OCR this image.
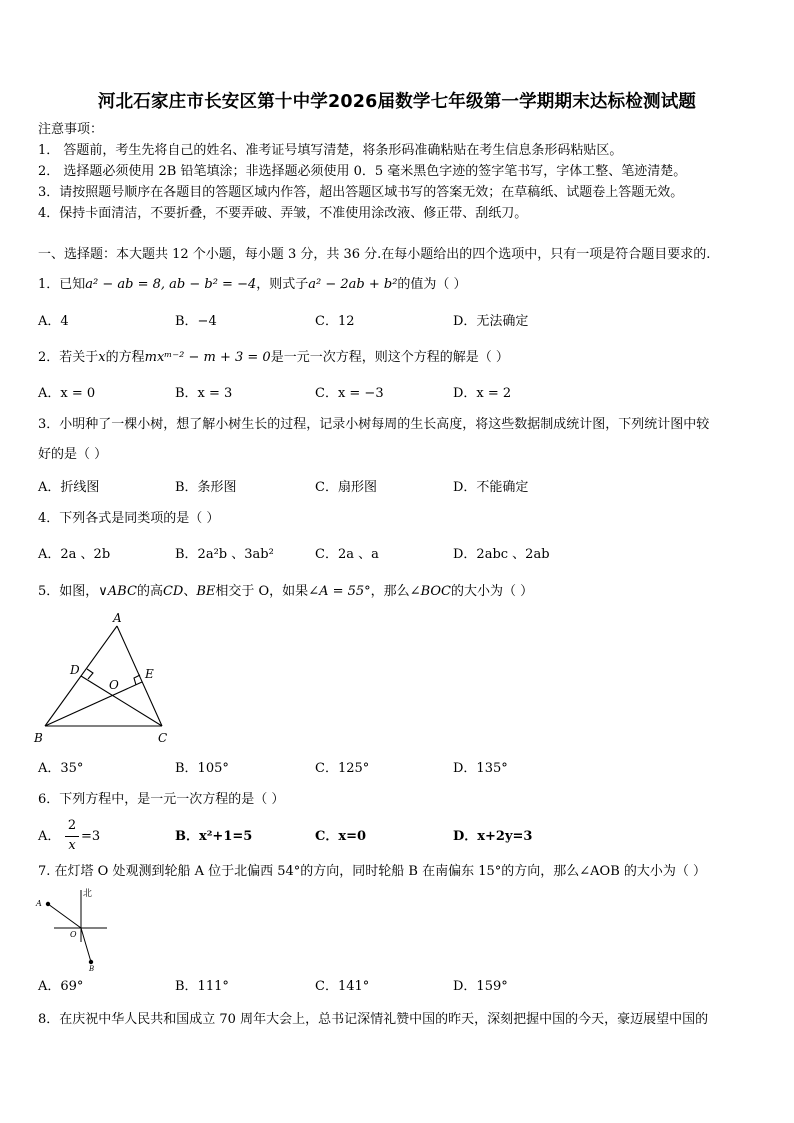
河北石家庄市长安区第十中学2026届数学七年级第一学期期末达标检测试题
注意事项：
1． 答题前，考生先将自己的姓名、准考证号填写清楚，将条形码准确粘贴在考生信息条形码粘贴区。
2． 选择题必须使用 2B 铅笔填涂；非选择题必须使用 0．5 毫米黑色字迹的签字笔书写，字体工整、笔迹清楚。
3．请按照题号顺序在各题目的答题区域内作答，超出答题区域书写的答案无效；在草稿纸、试题卷上答题无效。
4．保持卡面清洁，不要折叠，不要弄破、弄皱，不准使用涂改液、修正带、刮纸刀。
一、选择题：本大题共 12 个小题，每小题 3 分，共 36 分.在每小题给出的四个选项中，只有一项是符合题目要求的.
1．已知a² − ab = 8, ab − b² = −4，则式子a² − 2ab + b²的值为（ ）
A．4	B．−4	C．12	D．无法确定
2．若关于x的方程mxᵐ⁻² − m + 3 = 0是一元一次方程，则这个方程的解是（ ）
A．x = 0	B．x = 3	C．x = −3	D．x = 2
3．小明种了一棵小树，想了解小树生长的过程，记录小树每周的生长高度，将这些数据制成统计图，下列统计图中较
好的是（ ）
A．折线图	B．条形图	C．扇形图	D．不能确定
4．下列各式是同类项的是（ ）
A．2a 、2b	B．2a²b 、3ab²	C．2a 、a	D．2abc 、2ab
5．如图，∨ABC的高CD、BE相交于 O，如果∠A = 55°，那么∠BOC的大小为（ ）
A
B	C
D	E
O
A．35°	B．105°	C．125°	D．135°
6．下列方程中，是一元一次方程的是（ ）
A．
2
x
=3	B．x²+1=5	C．x=0	D．x+2y=3
7. 在灯塔 O 处观测到轮船 A 位于北偏西 54°的方向，同时轮船 B 在南偏东 15°的方向，那么∠AOB 的大小为（ ）
A
O
B
北
A．69°	B．111°	C．141°	D．159°
8．在庆祝中华人民共和国成立 70 周年大会上，总书记深情礼赞中国的昨天，深刻把握中国的今天，豪迈展望中国的
